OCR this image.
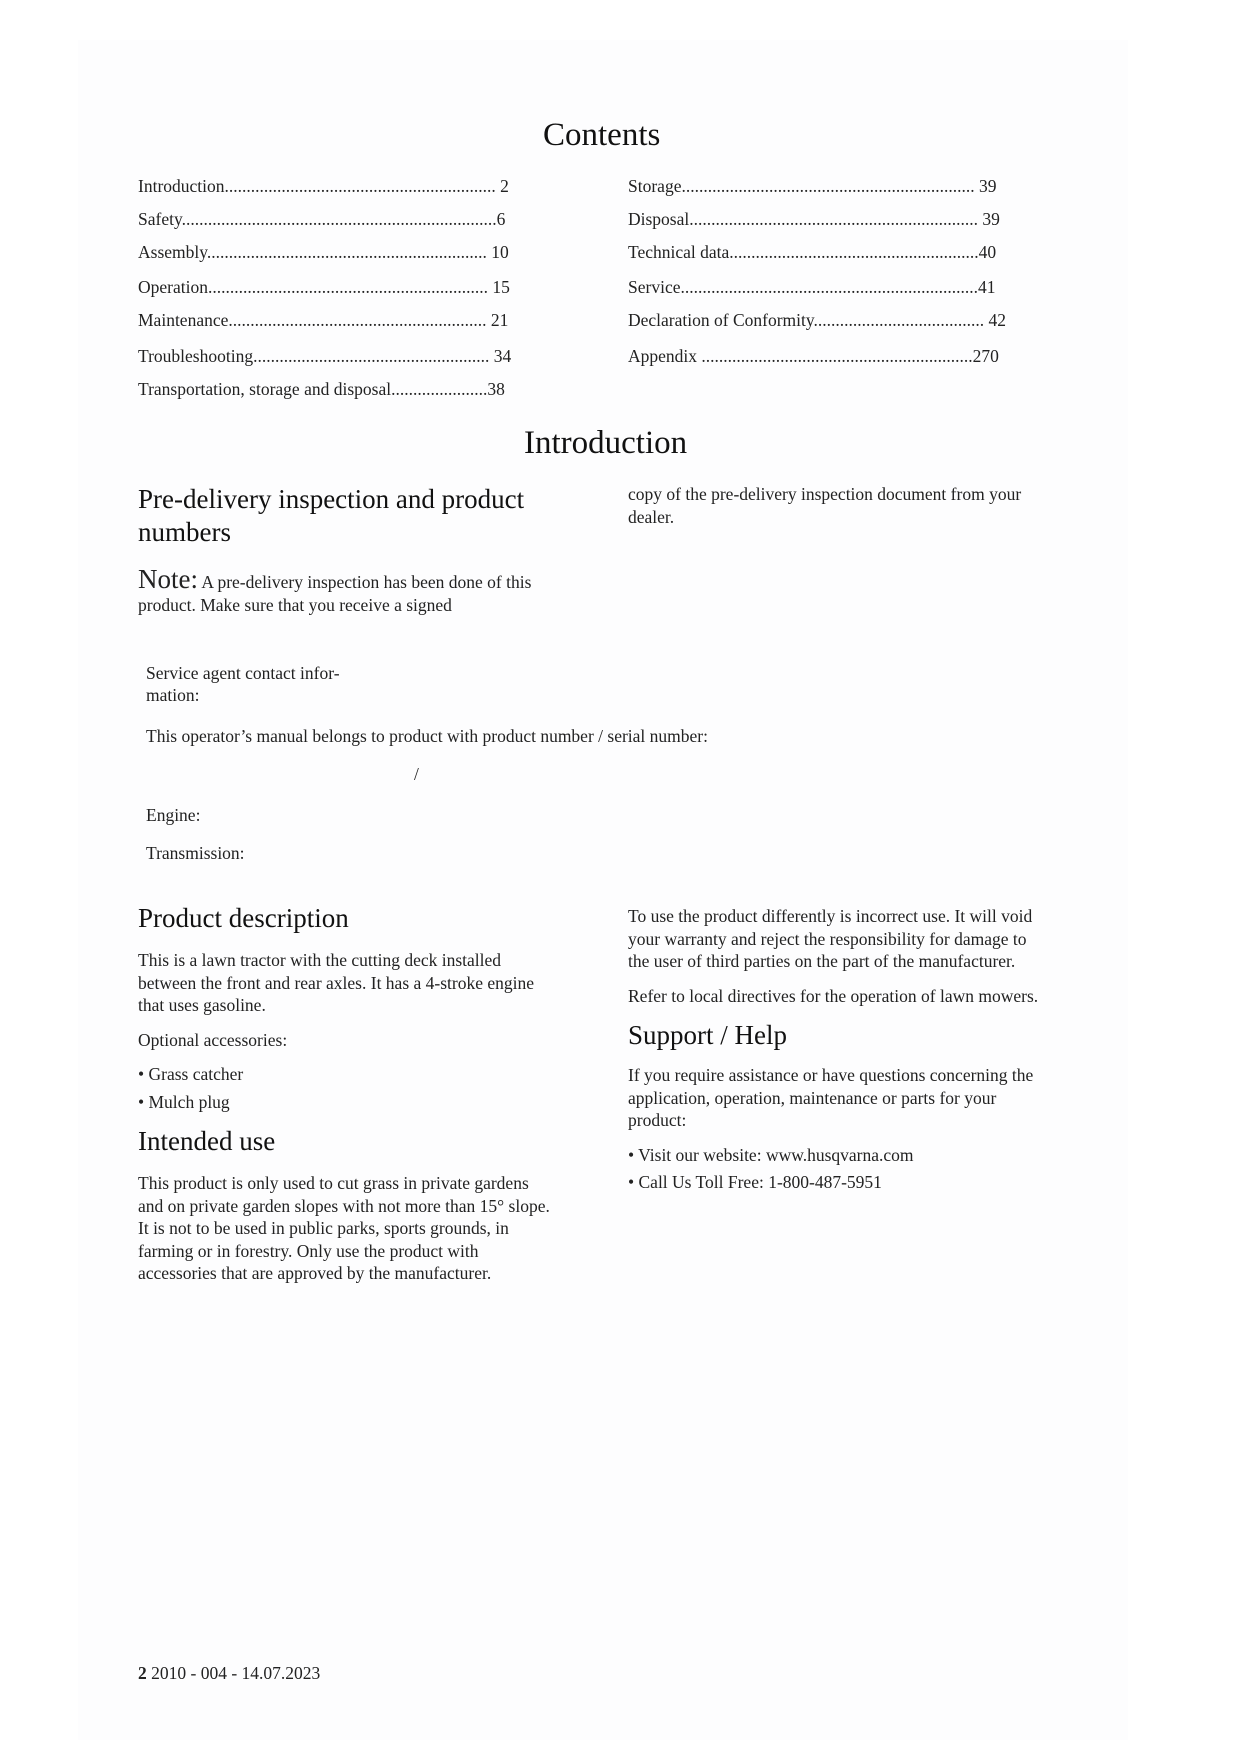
Contents
Introduction.............................................................. 2
Safety........................................................................6
Assembly................................................................ 10
Operation................................................................ 15
Maintenance........................................................... 21
Troubleshooting...................................................... 34
Transportation, storage and disposal......................38
Storage................................................................... 39
Disposal.................................................................. 39
Technical data.........................................................40
Service....................................................................41
Declaration of Conformity....................................... 42
Appendix ..............................................................270
Introduction
Pre-delivery inspection and product numbers
Note: A pre-delivery inspection has been done of this product. Make sure that you receive a signed
copy of the pre-delivery inspection document from your dealer.
Service agent contact infor-mation:
This operator’s manual belongs to product with product number / serial number:
/
Engine:
Transmission:
Product description

This is a lawn tractor with the cutting deck installed between the front and rear axles. It has a 4-stroke engine that uses gasoline.

Optional accessories:

• Grass catcher

• Mulch plug

Intended use

This product is only used to cut grass in private gardens and on private garden slopes with not more than 15° slope. It is not to be used in public parks, sports grounds, in farming or in forestry. Only use the product with accessories that are approved by the manufacturer.

To use the product differently is incorrect use. It will void your warranty and reject the responsibility for damage to the user of third parties on the part of the manufacturer.

Refer to local directives for the operation of lawn mowers.

Support / Help

If you require assistance or have questions concerning the application, operation, maintenance or parts for your product:

• Visit our website: www.husqvarna.com

• Call Us Toll Free: 1-800-487-5951

2 2010 - 004 - 14.07.2023
